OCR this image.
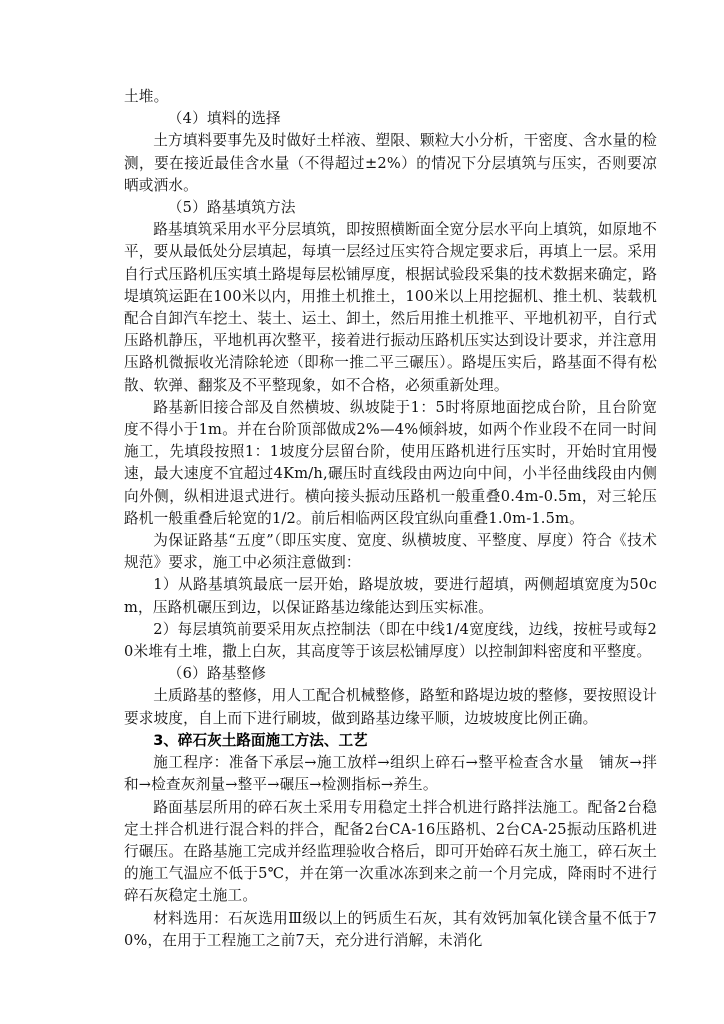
土堆。

（4）填料的选择

土方填料要事先及时做好土样液、塑限、颗粒大小分析，干密度、含水量的检测，要在接近最佳含水量（不得超过±2%）的情况下分层填筑与压实，否则要凉晒或洒水。

（5）路基填筑方法

路基填筑采用水平分层填筑，即按照横断面全宽分层水平向上填筑，如原地不平，要从最低处分层填起，每填一层经过压实符合规定要求后，再填上一层。采用自行式压路机压实填土路堤每层松铺厚度，根据试验段采集的技术数据来确定，路堤填筑运距在100米以内，用推土机推土，100米以上用挖掘机、推土机、装载机配合自卸汽车挖土、装土、运土、卸土，然后用推土机推平、平地机初平，自行式压路机静压，平地机再次整平，接着进行振动压路机压实达到设计要求，并注意用压路机微振收光清除轮迹（即称一推二平三碾压）。路堤压实后，路基面不得有松散、软弹、翻浆及不平整现象，如不合格，必须重新处理。

路基新旧接合部及自然横坡、纵坡陡于1：5时将原地面挖成台阶，且台阶宽度不得小于1m。并在台阶顶部做成2%—4%倾斜坡，如两个作业段不在同一时间施工，先填段按照1：1坡度分层留台阶，使用压路机进行压实时，开始时宜用慢速，最大速度不宜超过4Km/h,碾压时直线段由两边向中间，小半径曲线段由内侧向外侧，纵相进退式进行。横向接头振动压路机一般重叠0.4m-0.5m，对三轮压路机一般重叠后轮宽的1/2。前后相临两区段宜纵向重叠1.0m-1.5m。

为保证路基“五度”（即压实度、宽度、纵横坡度、平整度、厚度）符合《技术规范》要求，施工中必须注意做到：

1）从路基填筑最底一层开始，路堤放坡，要进行超填，两侧超填宽度为50cm，压路机碾压到边，以保证路基边缘能达到压实标准。

2）每层填筑前要采用灰点控制法（即在中线1/4宽度线，边线，按桩号或每20米堆有土堆，撒上白灰，其高度等于该层松铺厚度）以控制卸料密度和平整度。

（6）路基整修

土质路基的整修，用人工配合机械整修，路堑和路堤边坡的整修，要按照设计要求坡度，自上而下进行刷坡，做到路基边缘平顺，边坡坡度比例正确。

3、碎石灰土路面施工方法、工艺

施工程序：准备下承层→施工放样→组织上碎石→整平检查含水量　铺灰→拌和→检查灰剂量→整平→碾压→检测指标→养生。

路面基层所用的碎石灰土采用专用稳定土拌合机进行路拌法施工。配备2台稳定土拌合机进行混合料的拌合，配备2台CA-16压路机、2台CA-25振动压路机进行碾压。在路基施工完成并经监理验收合格后，即可开始碎石灰土施工，碎石灰土的施工气温应不低于5℃，并在第一次重冰冻到来之前一个月完成，降雨时不进行碎石灰稳定土施工。

材料选用：石灰选用Ⅲ级以上的钙质生石灰，其有效钙加氧化镁含量不低于70%，在用于工程施工之前7天，充分进行消解，未消化
